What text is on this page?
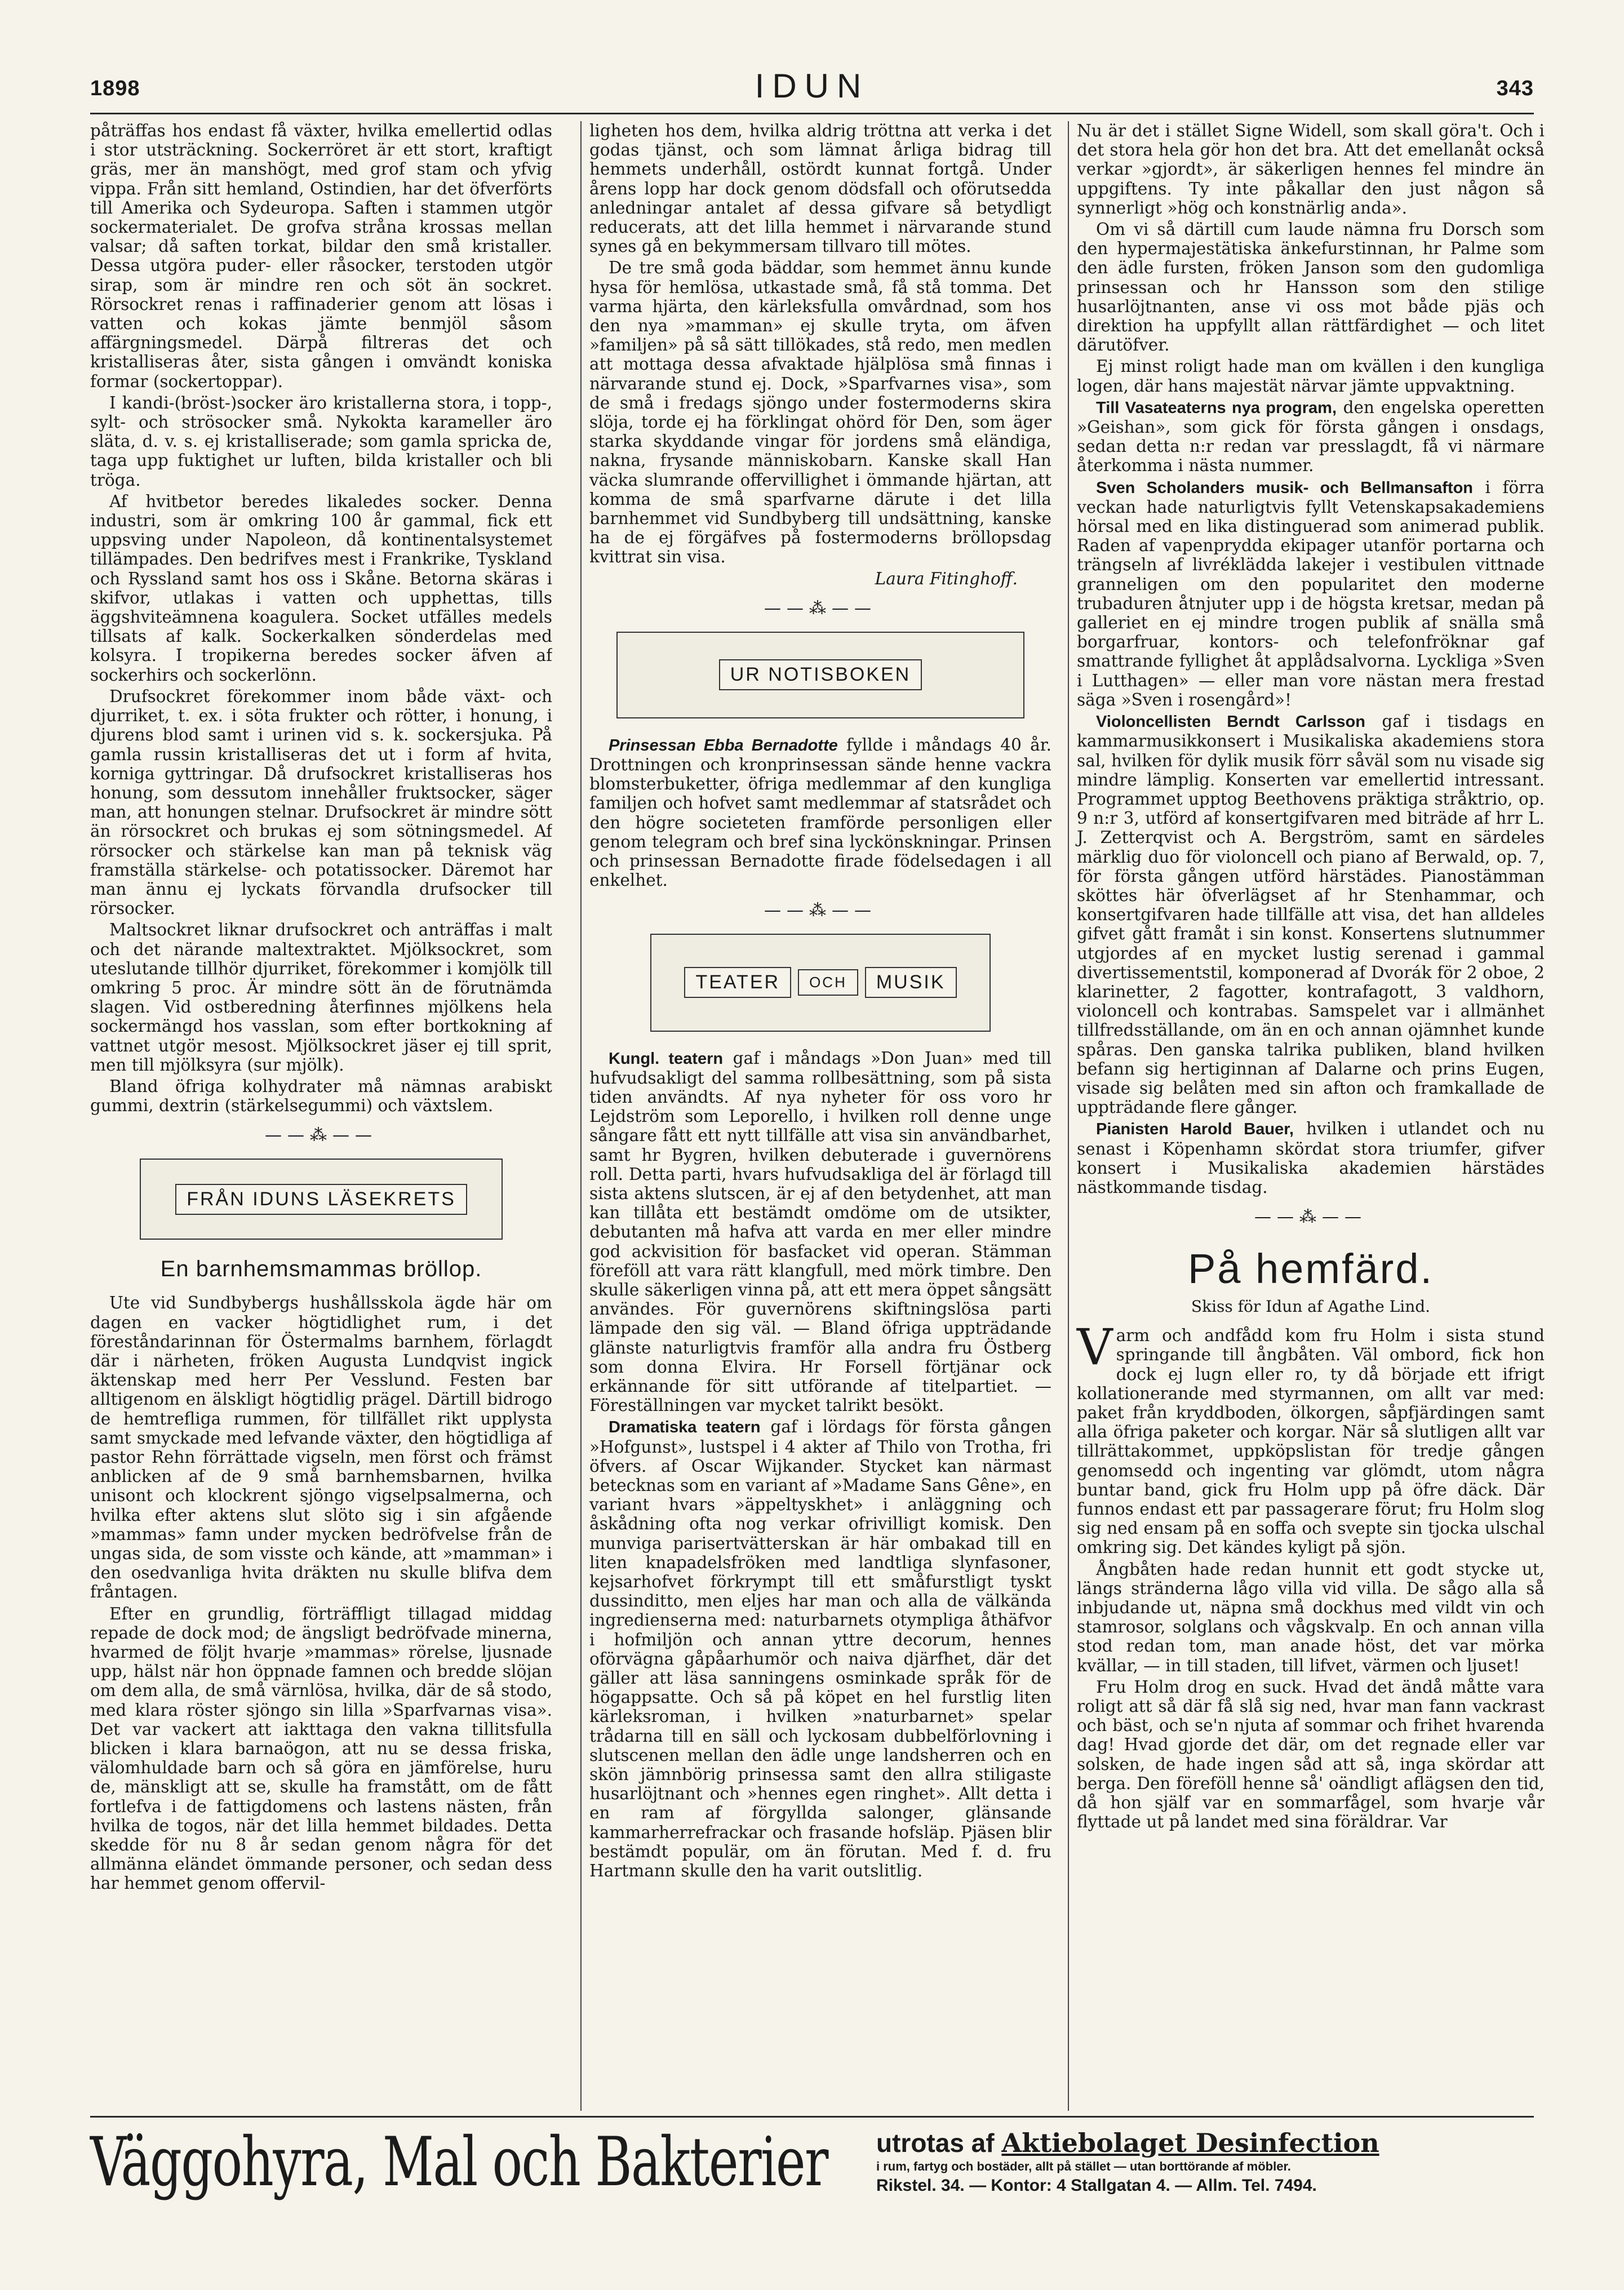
1898	IDUN	343

påträffas hos endast få växter, hvilka emellertid odlas i stor utsträckning. Sockerröret är ett stort, kraftigt gräs, mer än manshögt, med grof stam och yfvig vippa. Från sitt hemland, Ostindien, har det öfverförts till Amerika och Sydeuropa. Saften i stammen utgör sockermaterialet. De grofva stråna krossas mellan valsar; då saften torkat, bildar den små kristaller. Dessa utgöra puder- eller råsocker, terstoden utgör sirap, som är mindre ren och söt än sockret. Rörsockret renas i raffinaderier genom att lösas i vatten och kokas jämte benmjöl såsom affärgningsmedel. Därpå filtreras det och kristalliseras åter, sista gången i omvändt koniska formar (sockertoppar).

I kandi-(bröst-)socker äro kristallerna stora, i topp-, sylt- och strösocker små. Nykokta karameller äro släta, d. v. s. ej kristalliserade; som gamla sprickа de, taga upp fuktighet ur luften, bilda kristaller och bli tröga.

Af hvitbetor beredes likaledes socker. Denna industri, som är omkring 100 år gammal, fick ett uppsving under Napoleon, då kontinentalsystemet tillämpades. Den bedrifves mest i Frankrike, Tyskland och Ryssland samt hos oss i Skåne. Betorna skäras i skifvor, utlakas i vatten och upphettas, tills äggshvitеämnena koagulera. Socket utfälles medels tillsats af kalk. Sockerkalken sönderdelas med kolsyra. I tropikerna beredes socker äfven af sockerhirs och sockerlönn.

Drufsockret förekommer inom både växt- och djurriket, t. ex. i söta frukter och rötter, i honung, i djurens blod samt i urinen vid s. k. sockersjuka. På gamla russin kristalliseras det ut i form af hvita, korniga gyttringar. Då drufsockret kristalliseras hos honung, som dessutom innehåller fruktsocker, säger man, att honungen stelnar. Drufsockret är mindre sött än rörsockret och brukas ej som sötningsmedel. Af rörsocker och stärkelse kan man på teknisk väg framställa stärkelse- och potatissocker. Däremot har man ännu ej lyckats förvandla drufsocker till rörsocker.

Maltsockret liknar drufsockret och anträffas i malt och det närande maltextraktet. Mjölksockret, som uteslutande tillhör djurriket, förekommer i komjölk till omkring 5 proc. Är mindre sött än de förutnämda slagen. Vid ostberedning återfinnes mjölkens hela sockermängd hos vasslan, som efter bortkokning af vattnet utgör mesost. Mjölksockret jäser ej till sprit, men till mjölksyra (sur mjölk).

Bland öfriga kolhydrater må nämnas arabiskt gummi, dextrin (stärkelsegummi) och växtslem.

——⁂——
FRÅN IDUNS LÄSEKRETS
En barnhemsmammas bröllop.

Ute vid Sundbybergs hushållsskola ägde här om dagen en vacker högtidlighet rum, i det föreståndarinnan för Östermalms barnhem, förlagdt där i närheten, fröken Augusta Lundqvist ingick äktenskap med herr Per Vesslund. Festen bar alltigenom en älskligt högtidlig prägel. Därtill bidrogo de hemtrefliga rummen, för tillfället rikt upplysta samt smyckade med lefvande växter, den högtidliga af pastor Rehn förrättade vigseln, men först och främst anblicken af de 9 små barnhemsbarnen, hvilka unisont och klockrent sjöngo vigselpsalmerna, och hvilka efter aktens slut slöto sig i sin afgående »mammas» famn under mycken bedröfvelse från de ungas sida, de som visste och kände, att »mamman» i den osedvanliga hvita dräkten nu skulle blifva dem fråntagen.

Efter en grundlig, förträffligt tillagad middag repade de dock mod; de ängsligt bedröfvade minerna, hvarmed de följt hvarje »mammas» rörelse, ljusnade upp, hälst när hon öppnade famnen och bredde slöjan om dem alla, de små värnlösa, hvilka, där de så stodo, med klara röster sjöngo sin lilla »Sparfvarnas visa». Det var vackert att iakttaga den vakna tillitsfulla blicken i klara barnaögon, att nu se dessa friska, välomhuldade barn och så göra en jämförelse, huru de, mänskligt att se, skulle ha framstått, om de fått fortlefva i de fattigdomens och lastens nästen, från hvilka de togos, när det lilla hemmet bildades. Detta skedde för nu 8 år sedan genom några för det allmänna eländet ömmande personer, och sedan dess har hemmet genom offervil-

ligheten hos dem, hvilka aldrig tröttna att verka i det godas tjänst, och som lämnat årliga bidrag till hemmets underhåll, ostördt kunnat fortgå. Under årens lopp har dock genom dödsfall och oförutsedda anledningar antalet af dessa gifvare så betydligt reducerats, att det lilla hemmet i närvarande stund synes gå en bekymmersam tillvaro till mötes.

De tre små goda bäddar, som hemmet ännu kunde hysa för hemlösa, utkastade små, få stå tomma. Det varma hjärta, den kärleksfulla omvårdnad, som hos den nya »mamman» ej skulle tryta, om äfven »familjen» på så sätt tillökades, stå redo, men medlen att mottaga dessa afvaktade hjälplösa små finnas i närvarande stund ej. Dock, »Sparfvarnes visa», som de små i fredags sjöngo under fostermoderns skira slöja, torde ej ha förklingat ohörd för Den, som äger starka skyddande vingar för jordens små eländiga, nakna, frysande människobarn. Kanske skall Han väcka slumrande offervillighet i ömmande hjärtan, att komma de små sparfvarne därute i det lilla barnhemmet vid Sundbyberg till undsättning, kanske ha de ej förgäfves på fostermoderns bröllopsdag kvittrat sin visa.

Laura Fitinghoff.

——⁂——
UR NOTISBOKEN

Prinsessan Ebba Bernadotte fyllde i måndags 40 år. Drottningen och kronprinsessan sände henne vackra blomsterbuketter, öfriga medlemmar af den kungliga familjen och hofvet samt medlemmar af statsrådet och den högre societeten framförde personligen eller genom telegram och bref sina lyckönskningar. Prinsen och prinsessan Bernadotte firade födelsedagen i all enkelhet.

——⁂——
TEATER	OCH	MUSIK

Kungl. teatern gaf i måndags »Don Juan» med till hufvudsakligt del samma rollbesättning, som på sista tiden användts. Af nya nyheter för oss voro hr Lejdström som Leporello, i hvilken roll denne unge sångare fått ett nytt tillfälle att visa sin användbarhet, samt hr Bygren, hvilken debuterade i guvernörens roll. Detta parti, hvars hufvudsakliga del är förlagd till sista aktens slutscen, är ej af den betydenhet, att man kan tillåta ett bestämdt omdöme om de utsikter, debutanten må hafva att varda en mer eller mindre god ackvisition för basfacket vid operan. Stämman föreföll att vara rätt klangfull, med mörk timbre. Den skulle säkerligen vinna på, att ett mera öppet sångsätt användes. För guvernörens skiftningslösa parti lämpade den sig väl. — Bland öfriga uppträdande glänste naturligtvis framför alla andra fru Östberg som donna Elvira. Hr Forsell förtjänar ock erkännande för sitt utförande af titelpartiet. — Föreställningen var mycket talrikt besökt.

Dramatiska teatern gaf i lördags för första gången »Hofgunst», lustspel i 4 akter af Thilo von Trotha, fri öfvers. af Oscar Wijkander. Stycket kan närmast betecknas som en variant af »Madame Sans Gêne», en variant hvars »äppeltyskhet» i anläggning och åskådning ofta nog verkar ofrivilligt komisk. Den munviga parisertvätterskan är här ombakad till en liten knapadelsfröken med landtliga slynfasoner, kejsarhofvet förkrympt till ett småfurstligt tyskt dussinditto, men eljes har man och alla de välkända ingredienserna med: naturbarnets otympliga åthäfvor i hofmiljön och annan yttre decorum, hennes oförvägna gåpåarhumör och naiva djärfhet, där det gäller att läsa sanningens osminkade språk för de högappsatte. Och så på köpet en hel furstlig liten kärleksroman, i hvilken »naturbarnet» spelar trådarna till en säll och lyckosam dubbelförlovning i slutscenen mellan den ädle unge landsherren och en skön jämnbörig prinsessa samt den allra stiligaste husarlöjtnant och »hennes egen ringhet». Allt detta i en ram af förgyllda salonger, glänsande kammarherrefrackar och frasande hofsläp. Pjäsen blir bestämdt populär, om än förutan. Med f. d. fru Hartmann skulle den ha varit outslitlig.

Nu är det i stället Signe Widell, som skall göra't. Och i det stora hela gör hon det bra. Att det emellanåt också verkar »gjordt», är säkerligen hennes fel mindre än uppgiftens. Ty inte påkallar den just någon så synnerligt »hög och konstnärlig anda».

Om vi så därtill cum laude nämna fru Dorsch som den hypermajestätiska änkefurstinnan, hr Palme som den ädle fursten, fröken Janson som den gudomliga prinsessan och hr Hansson som den stilige husarlöjtnanten, anse vi oss mot både pjäs och direktion ha uppfyllt allan rättfärdighet — och litet därutöfver.

Ej minst roligt hade man om kvällen i den kungliga logen, där hans majestät närvar jämte uppvaktning.

Till Vasateaterns nya program, den engelska operetten »Geishan», som gick för första gången i onsdags, sedan detta n:r redan var presslagdt, få vi närmare återkomma i nästa nummer.

Sven Scholanders musik- och Bellmansafton i förra veckan hade naturligtvis fyllt Vetenskapsakademiens hörsal med en lika distinguerad som animerad publik. Raden af vapenprydda ekipager utanför portarna och trängseln af livréklädda lakejer i vestibulen vittnade granneligen om den popularitet den moderne trubaduren åtnjuter upp i de högsta kretsar, medan på galleriet en ej mindre trogen publik af snälla små borgarfruar, kontors- och telefonfröknar gaf smattrande fyllighet åt applådsalvorna. Lyckliga »Sven i Lutthagen» — eller man vore nästan mera frestad säga »Sven i rosengård»!

Violoncellisten Berndt Carlsson gaf i tisdags en kammarmusikkonsert i Musikaliska akademiens stora sal, hvilken för dylik musik förr såväl som nu visade sig mindre lämplig. Konserten var emellertid intressant. Programmet upptog Beethovens präktiga stråktrio, op. 9 n:r 3, utförd af konsertgifvaren med biträde af hrr L. J. Zetterqvist och A. Bergström, samt en särdeles märklig duo för violoncell och piano af Berwald, op. 7, för första gången utförd härstädes. Pianostämman sköttes här öfverlägset af hr Stenhammar, och konsertgifvaren hade tillfälle att visa, det han alldeles gifvet gått framåt i sin konst. Konsertens slutnummer utgjordes af en mycket lustig serenad i gammal divertissementstil, komponerad af Dvorák för 2 oboe, 2 klarinetter, 2 fagotter, kontrafagott, 3 valdhorn, violoncell och kontrabas. Samspelet var i allmänhet tillfredsställande, om än en och annan ojämnhet kunde spåras. Den ganska talrika publiken, bland hvilken befann sig hertiginnan af Dalarne och prins Eugen, visade sig belåten med sin afton och framkallade de uppträdande flere gånger.

Pianisten Harold Bauer, hvilken i utlandet och nu senast i Köpenhamn skördat stora triumfer, gifver konsert i Musikaliska akademien härstädes nästkommande tisdag.

——⁂——
På hemfärd.
Skiss för Idun af Agathe Lind.

Varm och andfådd kom fru Holm i sista stund springande till ångbåten. Väl ombord, fick hon dock ej lugn eller ro, ty då började ett ifrigt kollationerande med styrmannen, om allt var med: paket från kryddboden, ölkorgen, såpfjärdingen samt alla öfriga paketer och korgar. När så slutligen allt var tillrättakommet, uppköpslistan för tredje gången genomsedd och ingenting var glömdt, utom några buntar band, gick fru Holm upp på öfre däck. Där funnos endast ett par passagerare förut; fru Holm slog sig ned ensam på en soffa och svepte sin tjocka ulschal omkring sig. Det kändes kyligt på sjön.

Ångbåten hade redan hunnit ett godt stycke ut, längs stränderna lågo villa vid villa. De sågo alla så inbjudande ut, näpna små dockhus med vildt vin och stamrosor, solglans och vågskvalp. En och annan villa stod redan tom, man anade höst, det var mörka kvällar, — in till staden, till lifvet, värmen och ljuset!

Fru Holm drog en suck. Hvad det ändå måtte vara roligt att så där få slå sig ned, hvar man fann vackrast och bäst, och se'n njuta af sommar och frihet hvarenda dag! Hvad gjorde det där, om det regnade eller var solsken, de hade ingen såd att så, inga skördar att berga. Den föreföll henne så' oändligt aflägsen den tid, då hon själf var en sommarfågel, som hvarje vår flyttade ut på landet med sina föräldrar. Var

Väggohyra, Mal och Bakterier utrotas af Aktiebolaget Desinfection
i rum, fartyg och bostäder, allt på stället — utan borttörande af möbler.
Rikstel. 34. — Kontor: 4 Stallgatan 4. — Allm. Tel. 7494.
